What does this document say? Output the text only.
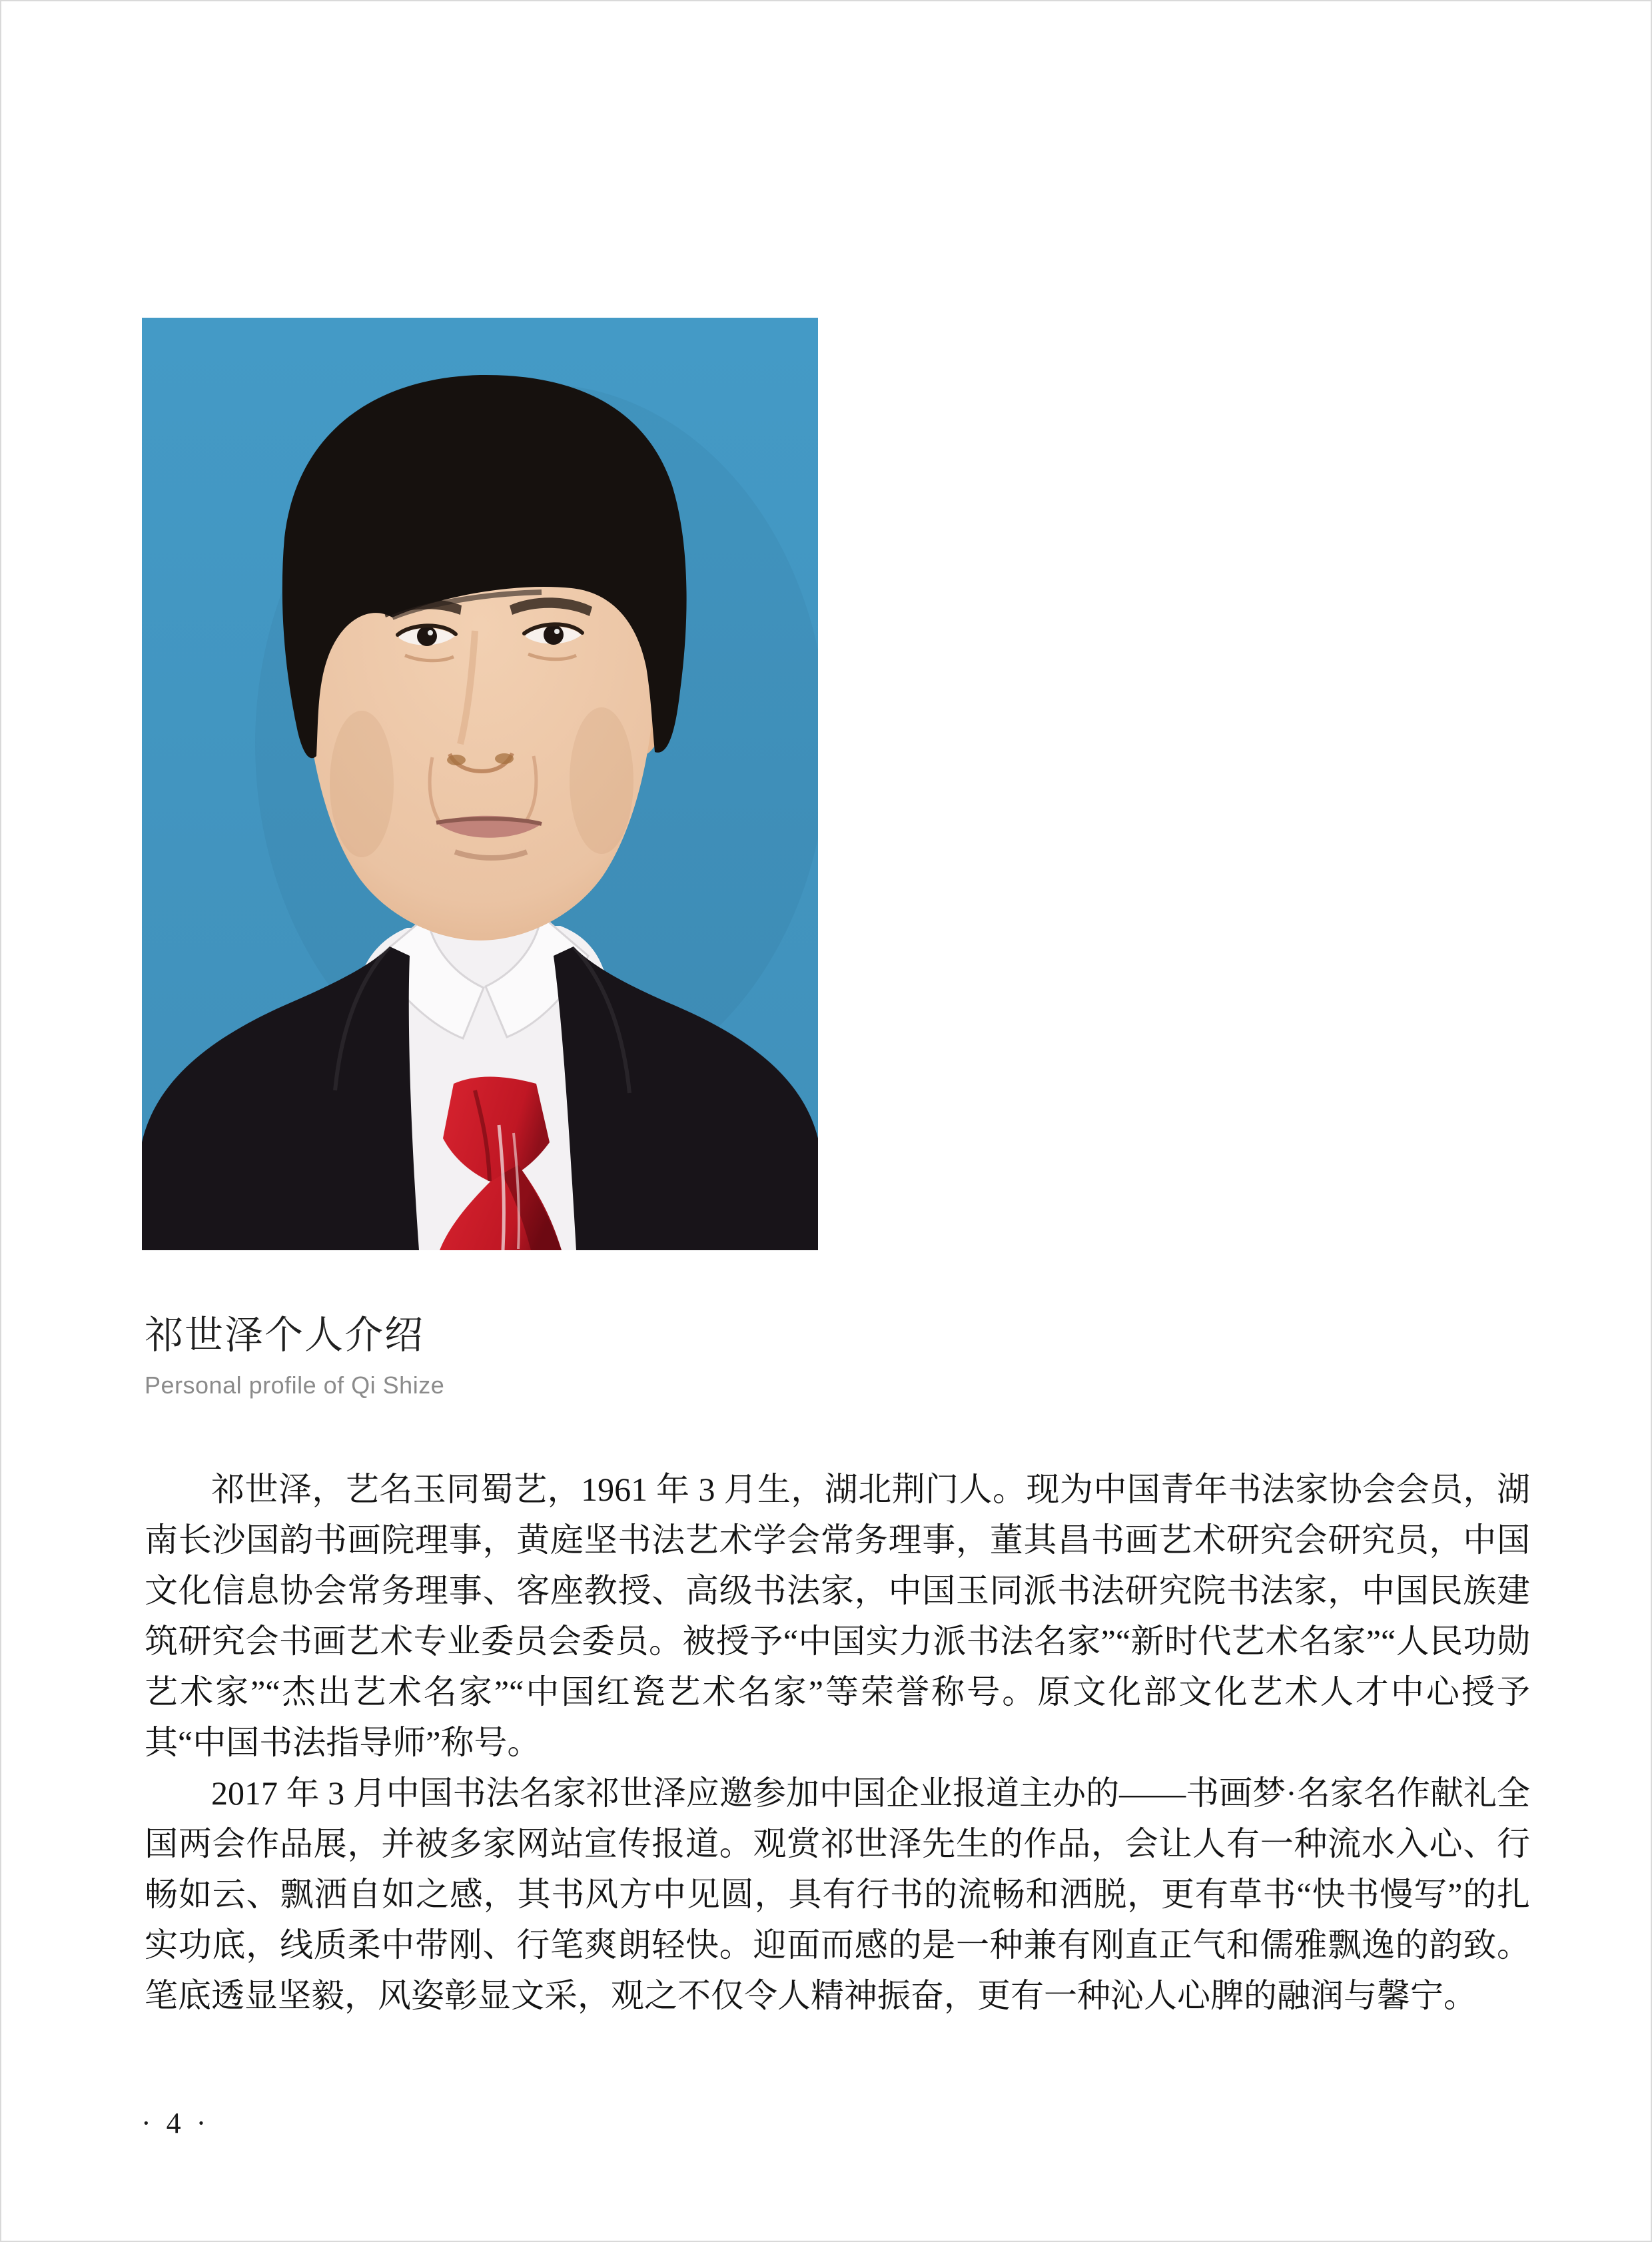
祁世泽个人介绍
Personal profile of Qi Shize

祁世泽，艺名玉同蜀艺，1961 年 3 月生，湖北荆门人。现为中国青年书法家协会会员，湖南长沙国韵书画院理事，黄庭坚书法艺术学会常务理事，董其昌书画艺术研究会研究员，中国文化信息协会常务理事、客座教授、高级书法家，中国玉同派书法研究院书法家，中国民族建筑研究会书画艺术专业委员会委员。被授予“中国实力派书法名家”“新时代艺术名家”“人民功勋艺术家”“杰出艺术名家”“中国红瓷艺术名家”等荣誉称号。原文化部文化艺术人才中心授予其“中国书法指导师”称号。

2017 年 3 月中国书法名家祁世泽应邀参加中国企业报道主办的——书画梦·名家名作献礼全国两会作品展，并被多家网站宣传报道。观赏祁世泽先生的作品，会让人有一种流水入心、行畅如云、飘洒自如之感，其书风方中见圆，具有行书的流畅和洒脱，更有草书“快书慢写”的扎实功底，线质柔中带刚、行笔爽朗轻快。迎面而感的是一种兼有刚直正气和儒雅飘逸的韵致。笔底透显坚毅，风姿彰显文采，观之不仅令人精神振奋，更有一种沁人心脾的融润与馨宁。

· 4 ·
